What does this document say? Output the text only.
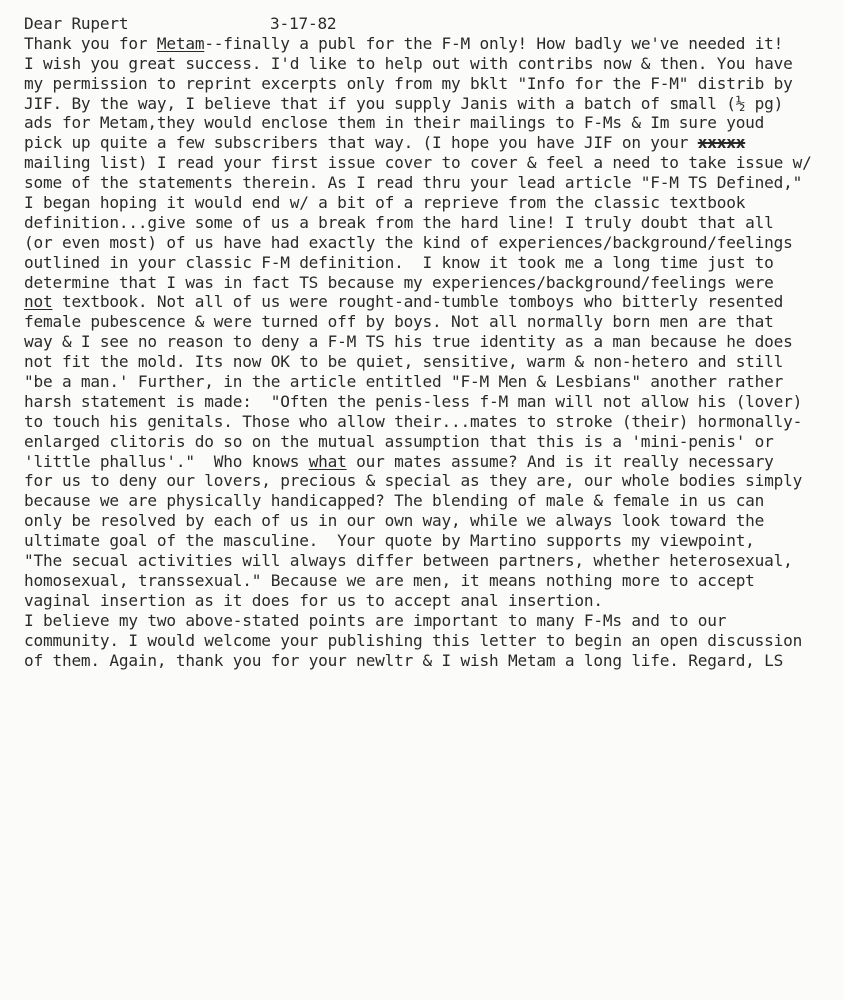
Dear Rupert	3-17-82
Thank you for Metam--finally a publ for the F-M only! How badly we've needed it!
I wish you great success. I'd like to help out with contribs now & then. You have
my permission to reprint excerpts only from my bklt "Info for the F-M" distrib by
JIF. By the way, I believe that if you supply Janis with a batch of small (½ pg)
ads for Metam,they would enclose them in their mailings to F-Ms & Im sure youd
pick up quite a few subscribers that way. (I hope you have JIF on your xxxxx
mailing list) I read your first issue cover to cover & feel a need to take issue w/
some of the statements therein. As I read thru your lead article "F-M TS Defined,"
I began hoping it would end w/ a bit of a reprieve from the classic textbook
definition...give some of us a break from the hard line! I truly doubt that all
(or even most) of us have had exactly the kind of experiences/background/feelings
outlined in your classic F-M definition.  I know it took me a long time just to
determine that I was in fact TS because my experiences/background/feelings were
not textbook. Not all of us were rought-and-tumble tomboys who bitterly resented
female pubescence & were turned off by boys. Not all normally born men are that
way & I see no reason to deny a F-M TS his true identity as a man because he does
not fit the mold. Its now OK to be quiet, sensitive, warm & non-hetero and still
"be a man.' Further, in the article entitled "F-M Men & Lesbians" another rather
harsh statement is made:  "Often the penis-less f-M man will not allow his (lover)
to touch his genitals. Those who allow their...mates to stroke (their) hormonally-
enlarged clitoris do so on the mutual assumption that this is a 'mini-penis' or
'little phallus'."  Who knows what our mates assume? And is it really necessary
for us to deny our lovers, precious & special as they are, our whole bodies simply
because we are physically handicapped? The blending of male & female in us can
only be resolved by each of us in our own way, while we always look toward the
ultimate goal of the masculine.  Your quote by Martino supports my viewpoint,
"The secual activities will always differ between partners, whether heterosexual,
homosexual, transsexual." Because we are men, it means nothing more to accept
vaginal insertion as it does for us to accept anal insertion.
I believe my two above-stated points are important to many F-Ms and to our
community. I would welcome your publishing this letter to begin an open discussion
of them. Again, thank you for your newltr & I wish Metam a long life. Regard, LS
